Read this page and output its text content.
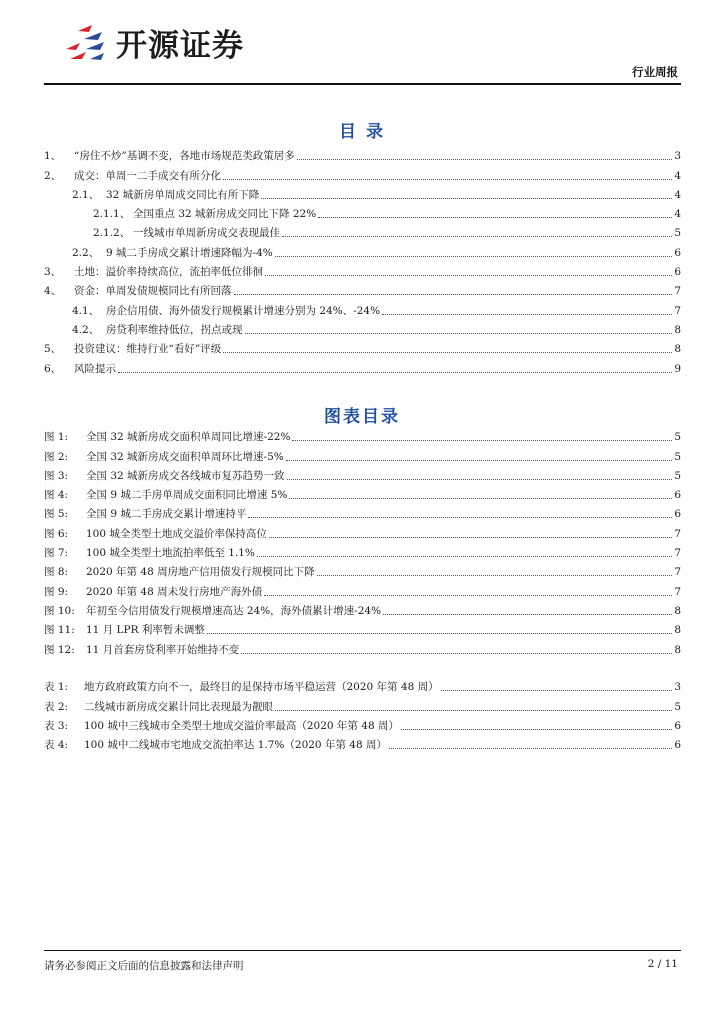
开源证券
行业周报
目 录
1、	“房住不炒”基调不变，各地市场规范类政策居多	3
2、	成交：单周一二手成交有所分化	4
2.1、 32 城新房单周成交同比有所下降	4
2.1.1、 全国重点 32 城新房成交同比下降 22%	4
2.1.2、 一线城市单周新房成交表现最佳	5
2.2、 9 城二手房成交累计增速降幅为-4%	6
3、	土地：溢价率持续高位，流拍率低位徘徊	6
4、	资金：单周发债规模同比有所回落	7
4.1、 房企信用债、海外债发行规模累计增速分别为 24%、-24%	7
4.2、 房贷利率维持低位，拐点或现	8
5、	投资建议：维持行业“看好”评级	8
6、	风险提示	9
图表目录
图 1:	全国 32 城新房成交面积单周同比增速-22%	5
图 2:	全国 32 城新房成交面积单周环比增速-5%	5
图 3:	全国 32 城新房成交各线城市复苏趋势一致	5
图 4:	全国 9 城二手房单周成交面积同比增速 5%	6
图 5:	全国 9 城二手房成交累计增速持平	6
图 6:	100 城全类型土地成交溢价率保持高位	7
图 7:	100 城全类型土地流拍率低至 1.1%	7
图 8:	2020 年第 48 周房地产信用债发行规模同比下降	7
图 9:	2020 年第 48 周未发行房地产海外债	7
图 10:	年初至今信用债发行规模增速高达 24%，海外债累计增速-24%	8
图 11:	11 月 LPR 利率暂未调整	8
图 12:	11 月首套房贷利率开始维持不变	8
表 1:	地方政府政策方向不一，最终目的是保持市场平稳运营（2020 年第 48 周）	3
表 2:	二线城市新房成交累计同比表现最为靓眼	5
表 3:	100 城中三线城市全类型土地成交溢价率最高（2020 年第 48 周）	6
表 4:	100 城中二线城市宅地成交流拍率达 1.7%（2020 年第 48 周）	6
请务必参阅正文后面的信息披露和法律声明	2 / 11
